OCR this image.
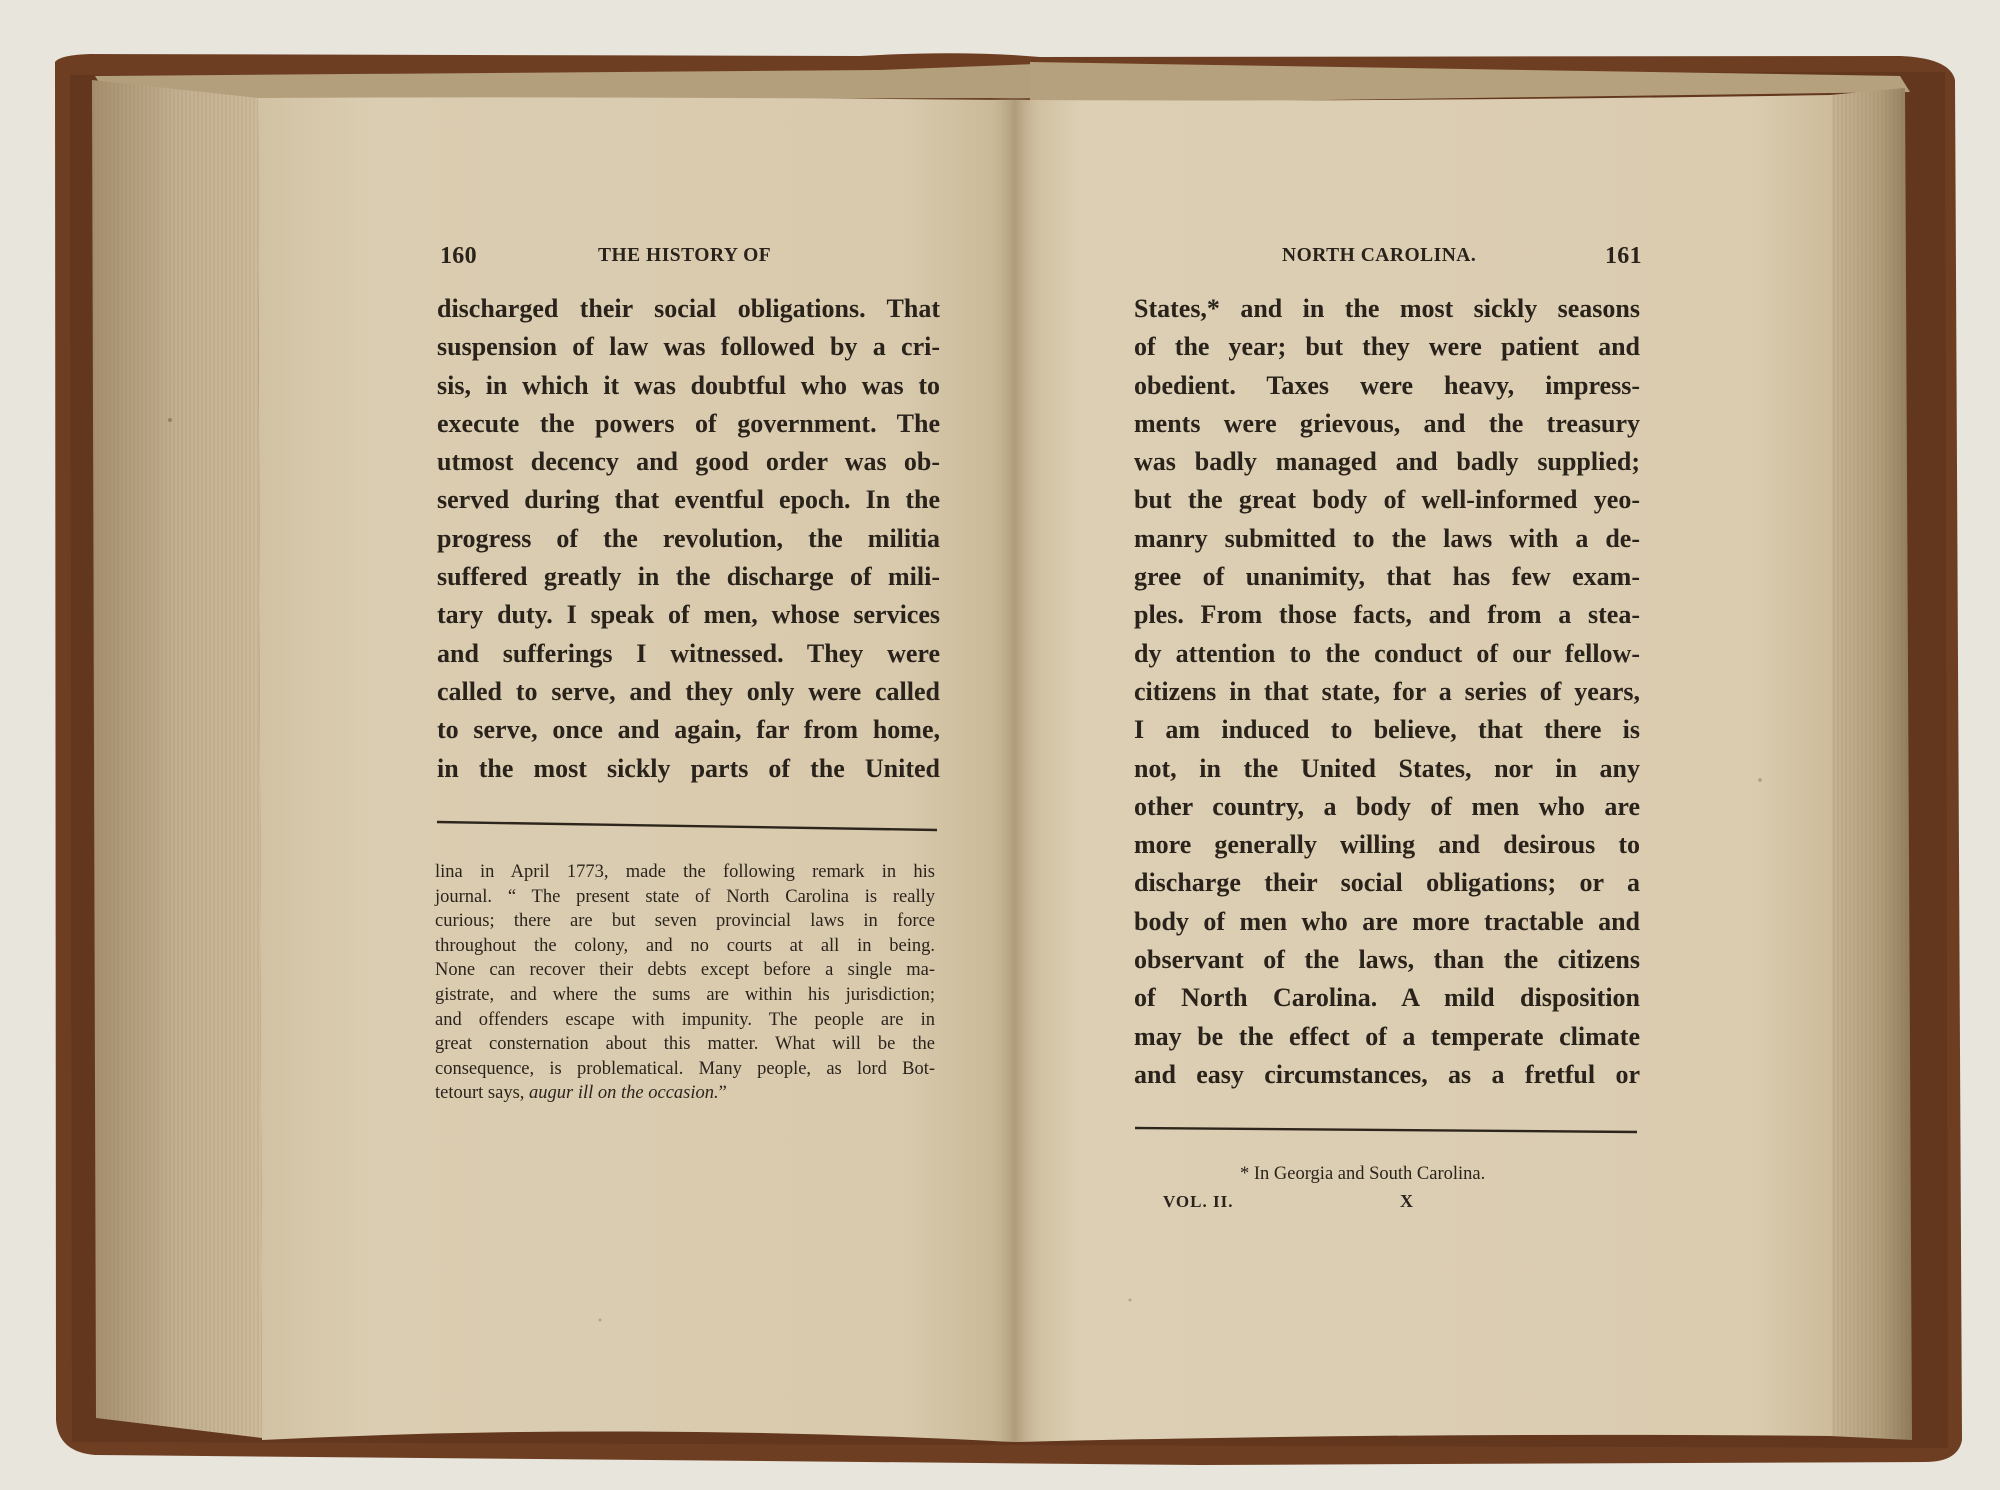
160	THE HISTORY OF
discharged their social obligations. That
suspension of law was followed by a cri-
sis, in which it was doubtful who was to
execute the powers of government. The
utmost decency and good order was ob-
served during that eventful epoch. In the
progress of the revolution, the militia
suffered greatly in the discharge of mili-
tary duty. I speak of men, whose services
and sufferings I witnessed. They were
called to serve, and they only were called
to serve, once and again, far from home,
in the most sickly parts of the United
lina in April 1773, made the following remark in his
journal. “ The present state of North Carolina is really
curious; there are but seven provincial laws in force
throughout the colony, and no courts at all in being.
None can recover their debts except before a single ma-
gistrate, and where the sums are within his jurisdiction;
and offenders escape with impunity. The people are in
great consternation about this matter. What will be the
consequence, is problematical. Many people, as lord Bot-
tetourt says, augur ill on the occasion.”
NORTH CAROLINA.	161
States,* and in the most sickly seasons
of the year; but they were patient and
obedient. Taxes were heavy, impress-
ments were grievous, and the treasury
was badly managed and badly supplied;
but the great body of well-informed yeo-
manry submitted to the laws with a de-
gree of unanimity, that has few exam-
ples. From those facts, and from a stea-
dy attention to the conduct of our fellow-
citizens in that state, for a series of years,
I am induced to believe, that there is
not, in the United States, nor in any
other country, a body of men who are
more generally willing and desirous to
discharge their social obligations; or a
body of men who are more tractable and
observant of the laws, than the citizens
of North Carolina. A mild disposition
may be the effect of a temperate climate
and easy circumstances, as a fretful or
* In Georgia and South Carolina.
VOL. II.	X
